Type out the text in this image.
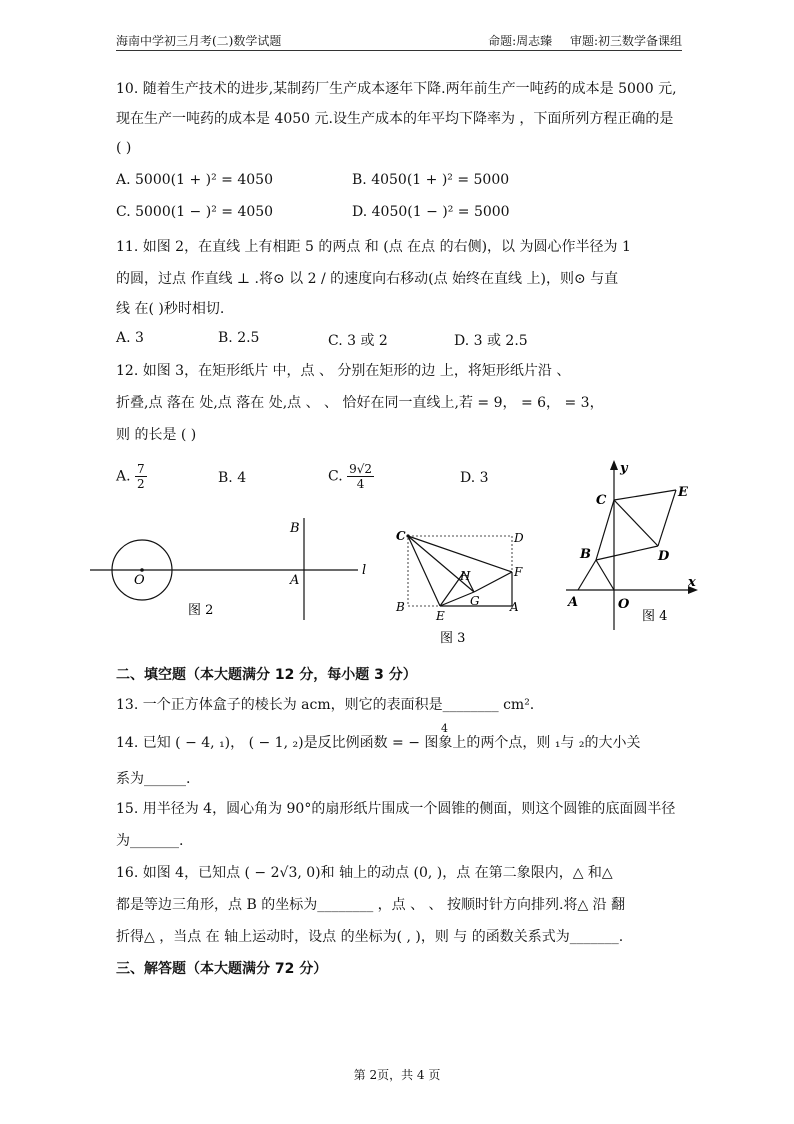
海南中学初三月考(二)数学试题	命题:周志臻 审题:初三数学备课组
10. 随着生产技术的进步,某制药厂生产成本逐年下降.两年前生产一吨药的成本是 5000 元,
现在生产一吨药的成本是 4050 元.设生产成本的年平均下降率为 ，下面所列方程正确的是
( )
A. 5000(1 + )² = 4050	B. 4050(1 + )² = 5000
C. 5000(1 − )² = 4050	D. 4050(1 − )² = 5000
11. 如图 2，在直线 上有相距 5 的两点 和 (点 在点 的右侧)，以 为圆心作半径为 1
的圆，过点 作直线 ⊥ .将⊙ 以 2 / 的速度向右移动(点 始终在直线 上)，则⊙ 与直
线 在( )秒时相切.
A. 3	B. 2.5	C. 3 或 2	D. 3 或 2.5
12. 如图 3，在矩形纸片 中，点 、 分别在矩形的边 上，将矩形纸片沿 、
折叠,点 落在 处,点 落在 处,点 、 、 恰好在同一直线上,若 = 9， = 6， = 3，
则 的长是 ( )
A. $\frac{7}{2}$	B. 4	C. $\frac{9√2}{4}$	D. 3
O	A
B
l
图 2
C	D
H	F
G
B
E
A
图 3
y
x
C
E
B	D
A	O
图 4
二、填空题（本大题满分 12 分，每小题 3 分）
13. 一个正方体盒子的棱长为 acm，则它的表面积是________ cm².
14. 已知 ( − 4, ₁)， ( − 1, ₂)是反比例函数 = − 图象上的两个点，则 ₁与 ₂的大小关
4
系为______.
15. 用半径为 4，圆心角为 90°的扇形纸片围成一个圆锥的侧面，则这个圆锥的底面圆半径
为_______.
16. 如图 4，已知点 ( − 2√3, 0)和 轴上的动点 (0, )，点 在第二象限内，△ 和△
都是等边三角形，点 B 的坐标为________ ，点 、 、 按顺时针方向排列.将△ 沿 翻
折得△ ，当点 在 轴上运动时，设点 的坐标为( , )，则 与 的函数关系式为_______.
三、解答题（本大题满分 72 分）
第 2页，共 4 页
